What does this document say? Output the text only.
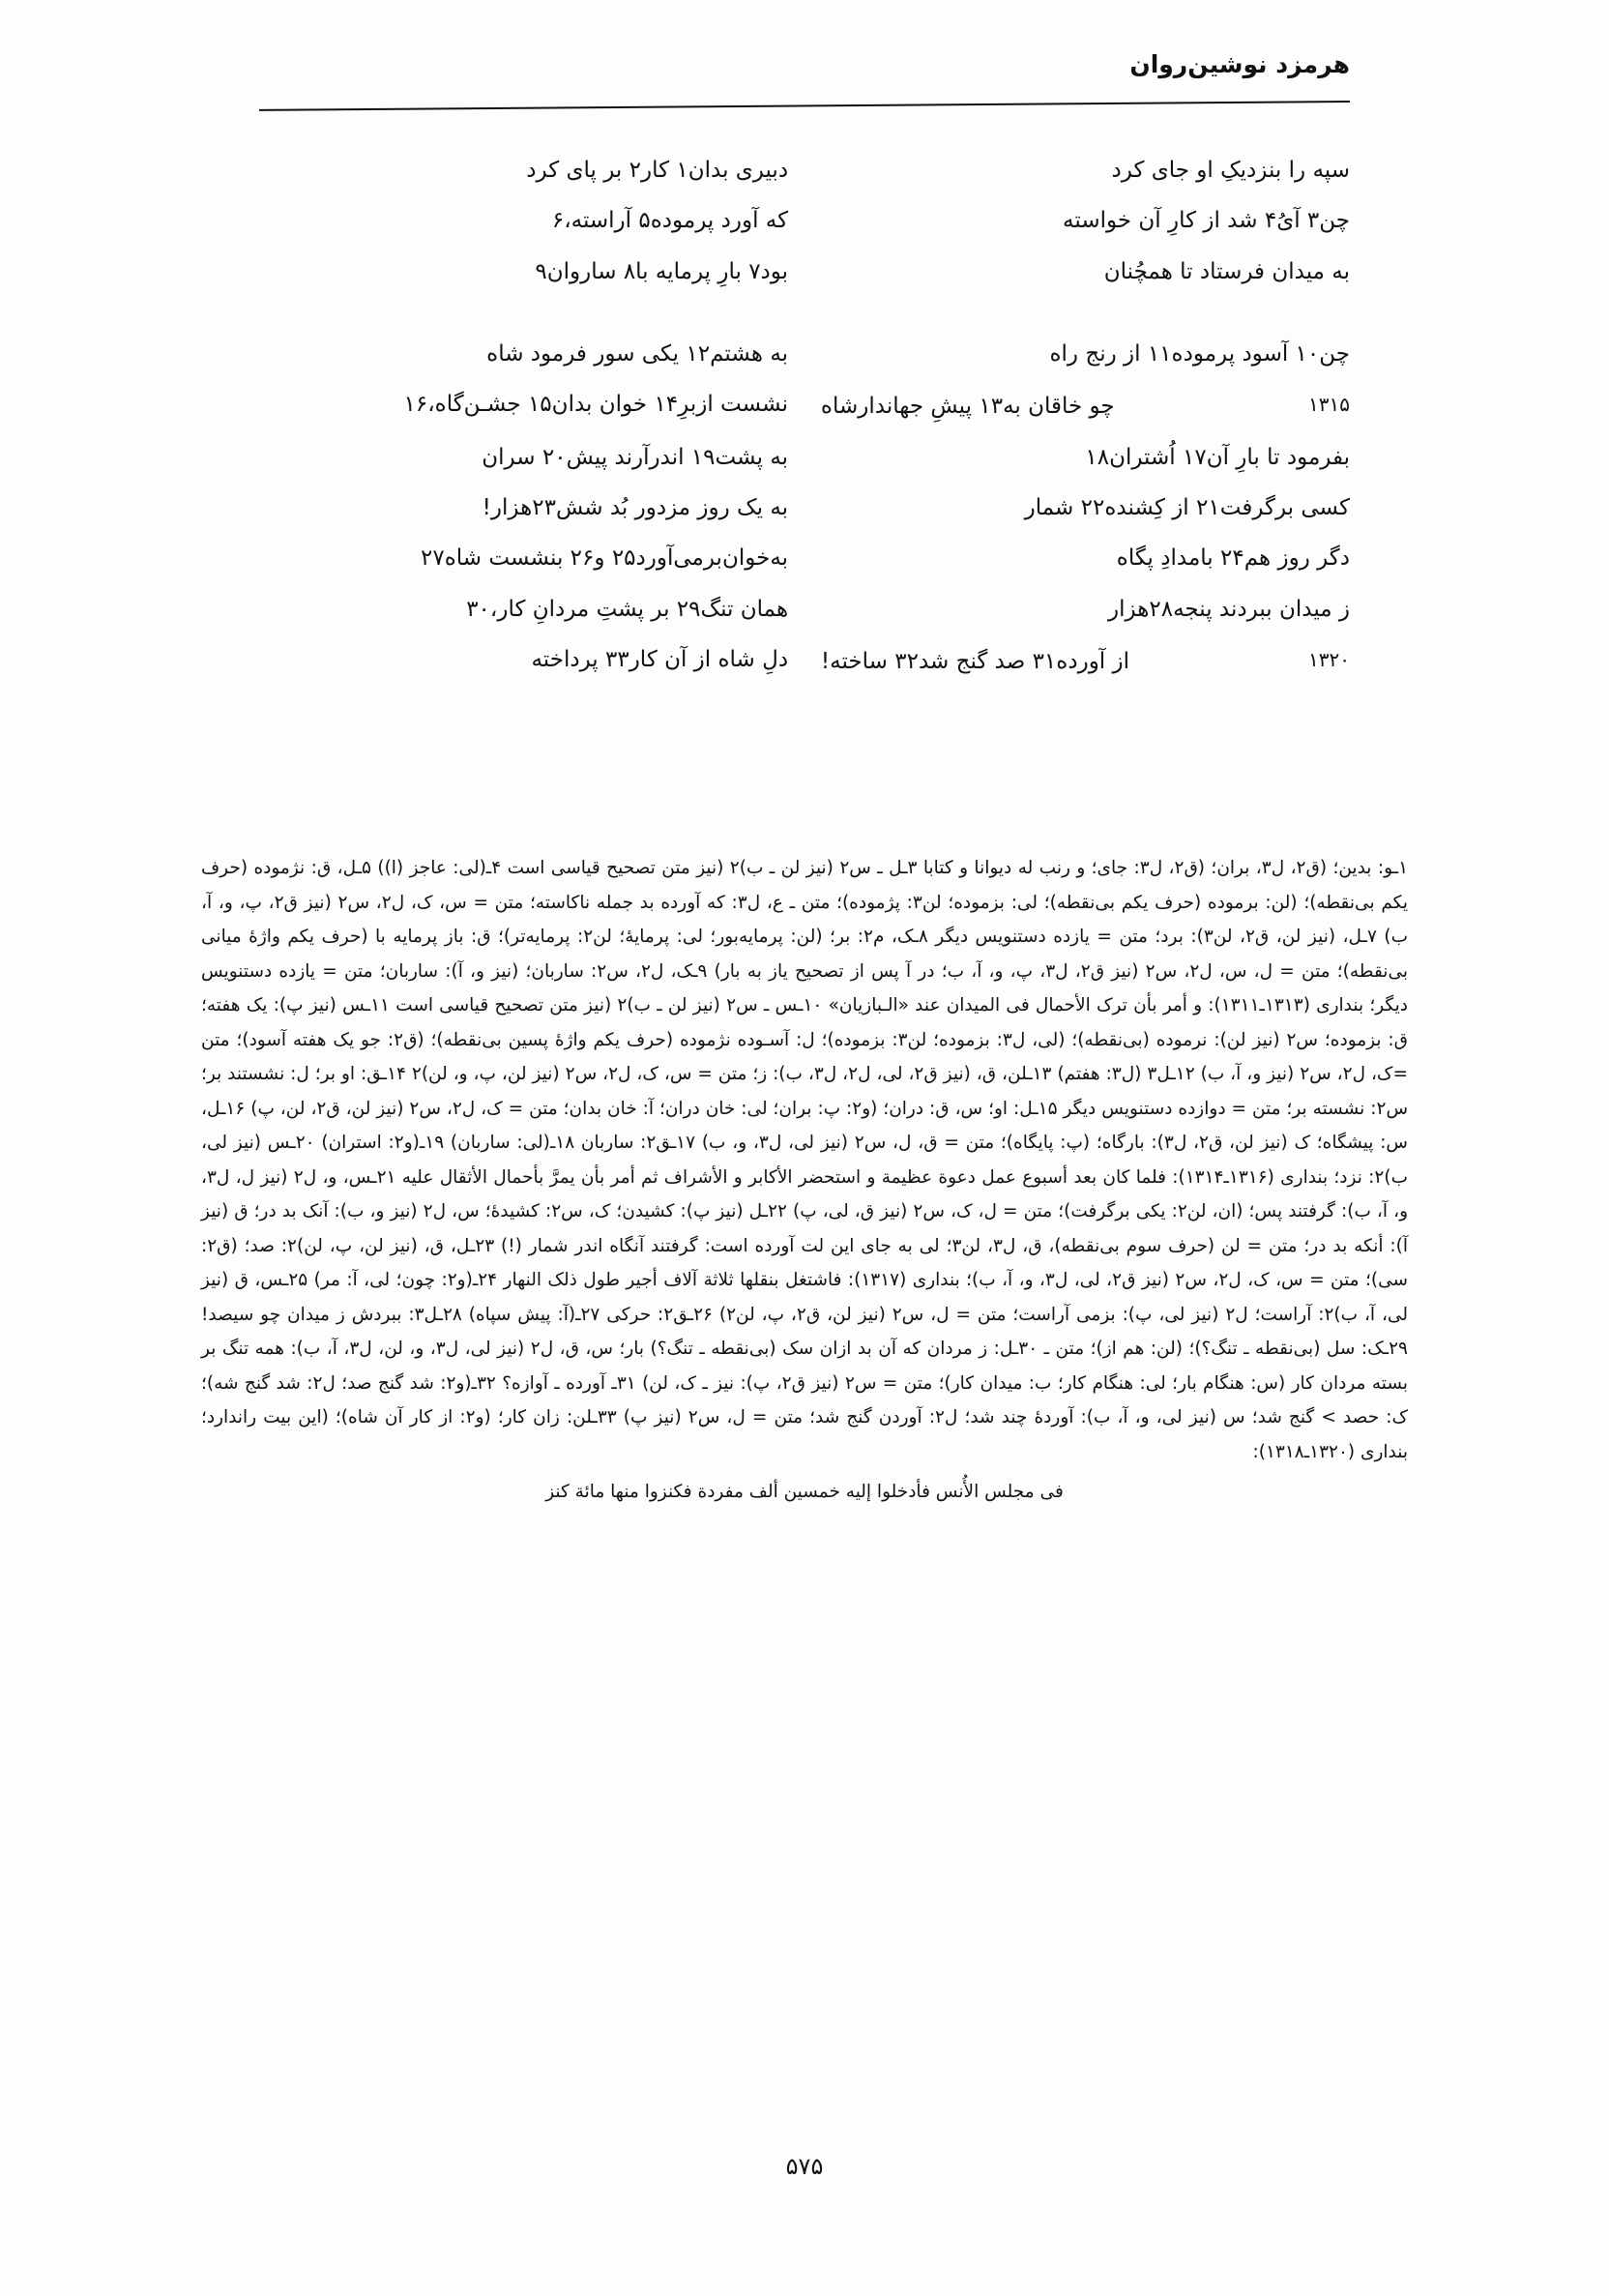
هرمزد نوشین‌روان
سپه را بنزدیکِ او جای کرد
دبیری بدان۱ کار۲ بر پای کرد
چن۳ آیُ۴ شد از کارِ آن خواسته
که آورد پرموده۵ آراسته،۶
به میدان فرستاد تا همچُنان
بود۷ بارِ پرمایه با۸ ساروان۹
چن۱۰ آسود پرموده۱۱ از رنج راه
به هشتم۱۲ یکی سور فرمود شاه
۱۳۱۵
چو خاقان به۱۳ پیشِ جهاندارشاه
نشست ازبرِ۱۴ خوان بدان۱۵ جشـن‌گاه،۱۶
بفرمود تا بارِ آن۱۷ اُشتران۱۸
به پشت۱۹ اندرآرند پیش۲۰ سران
کسی برگرفت۲۱ از کِشنده۲۲ شمار
به یک روز مزدور بُد شش۲۳هزار!
دگر روز هم۲۴ بامدادِ پگاه
به‌خوان‌برمی‌آورد۲۵ و۲۶ بنشست شاه۲۷
ز میدان ببردند پنجه۲۸هزار
همان تنگ۲۹ بر پشتِ مردانِ کار،۳۰
۱۳۲۰
از آورده۳۱ صد گنج شد۳۲ ساخته!
دلِ شاه از آن کار۳۳ پرداخته
۱ـو: بدین؛ (ق۲، ل۳، بران؛ (ق۲، ل۳: جای؛ و رنب له دیوانا و کتابا ۳ـل ـ س۲ (نیز لن ـ ب)۲ (نیز متن تصحیح قیاسی است ۴ـ(لی: عاجز (ا)) ۵ـل، ق: نژموده (حرف یکم بی‌نقطه)؛ (لن: برموده (حرف یکم بی‌نقطه)؛ لی: بزموده؛ لن۳: پژموده)؛ متن ـ ع، ل۳: که آورده بد جمله ناکاسته؛ متن = س، ک، ل۲، س۲ (نیز ق۲، پ، و، آ، ب) ۷ـل، (نیز لن، ق۲، لن۳): برد؛ متن = یازده دستنویس دیگر ۸ـک، م۲: بر؛ (لن: پرمایه‌بور؛ لی: پرمایهٔ؛ لن۲: پرمایه‌تر)؛ ق: باز پرمایه با (حرف یکم واژهٔ میانی بی‌نقطه)؛ متن = ل، س، ل۲، س۲ (نیز ق۲، ل۳، پ، و، آ، ب؛ در آ پس از تصحیح یاز به بار) ۹ـک، ل۲، س۲: ساربان؛ (نیز و، آ): ساربان؛ متن = یازده دستنویس دیگر؛ بنداری (۱۳۱۳ـ۱۳۱۱): و أمر بأن ترک الأحمال فی المیدان عند «الـبازیان» ۱۰ـس ـ س۲ (نیز لن ـ ب)۲ (نیز متن تصحیح قیاسی است ۱۱ـس (نیز پ): یک هفته؛ ق: بزموده؛ س۲ (نیز لن): نرموده (بی‌نقطه)؛ (لی، ل۳: بزموده؛ لن۳: بزموده)؛ ل: آسـوده نژموده (حرف یکم واژهٔ پسین بی‌نقطه)؛ (ق۲: جو یک هفته آسود)؛ متن =ک، ل۲، س۲ (نیز و، آ، ب) ۱۲ـل۳ (ل۳: هفتم) ۱۳ـلن، ق، (نیز ق۲، لی، ل۲، ل۳، ب): ز؛ متن = س، ک، ل۲، س۲ (نیز لن، پ، و، لن)۲ ۱۴ـق: او بر؛ ل: نشستند بر؛ س۲: نشسته بر؛ متن = دوازده دستنویس دیگر ۱۵ـل: او؛ س، ق: دران؛ (و۲: پ: بران؛ لی: خان دران؛ آ: خان بدان؛ متن = ک، ل۲، س۲ (نیز لن، ق۲، لن، پ) ۱۶ـل، س: پیشگاه؛ ک (نیز لن، ق۲، ل۳): بارگاه؛ (پ: پایگاه)؛ متن = ق، ل، س۲ (نیز لی، ل۳، و، ب) ۱۷ـق۲: ساربان ۱۸ـ(لی: ساربان) ۱۹ـ(و۲: استران) ۲۰ـس (نیز لی، ب)۲: نزد؛ بنداری (۱۳۱۶ـ۱۳۱۴): فلما کان بعد أسبوع عمل دعوة عظیمة و استحضر الأکابر و الأشراف ثم أمر بأن یمرَّ بأحمال الأثقال علیه ۲۱ـس، و، ل۲ (نیز ل، ل۳، و، آ، ب): گرفتند پس؛ (ان، لن۲: یکی برگرفت)؛ متن = ل، ک، س۲ (نیز ق، لی، پ) ۲۲ـل (نیز پ): کشیدن؛ ک، س۲: کشیدهٔ؛ س، ل۲ (نیز و، ب): آنک بد در؛ ق (نیز آ): أنکه بد در؛ متن = لن (حرف سوم بی‌نقطه)، ق، ل۳، لن۳؛ لی به جای این لت آورده است: گرفتند آنگاه اندر شمار (!) ۲۳ـل، ق، (نیز لن، پ، لن)۲: صد؛ (ق۲: سی)؛ متن = س، ک، ل۲، س۲ (نیز ق۲، لی، ل۳، و، آ، ب)؛ بنداری (۱۳۱۷): فاشتغل بنقلها ثلاثة آلاف أجیر طول ذلک النهار ۲۴ـ(و۲: چون؛ لی، آ: مر) ۲۵ـس، ق (نیز لی، آ، ب)۲: آراست؛ ل۲ (نیز لی، پ): بزمی آراست؛ متن = ل، س۲ (نیز لن، ق۲، پ، لن۲) ۲۶ـق۲: حرکی ۲۷ـ(آ: پیش سپاه) ۲۸ـل۳: ببردش ز میدان چو سیصد! ۲۹ـک: سل (بی‌نقطه ـ تنگ؟)؛ (لن: هم از)؛ متن ـ ۳۰ـل: ز مردان که آن بد ازان سک (بی‌نقطه ـ تنگ؟) بار؛ س، ق، ل۲ (نیز لی، ل۳، و، لن، ل۳، آ، ب): همه تنگ بر بسته مردان کار (س: هنگام بار؛ لی: هنگام کار؛ ب: میدان کار)؛ متن = س۲ (نیز ق۲، پ): نیز ـ ک، لن) ۳۱ـ آورده ـ آوازه؟ ۳۲ـ(و۲: شد گنج صد؛ ل۲: شد گنج شه)؛ک: حصد > گنج شد؛ س (نیز لی، و، آ، ب): آوردهٔ چند شد؛ ل۲: آوردن گنج شد؛ متن = ل، س۲ (نیز پ) ۳۳ـلن: زان کار؛ (و۲: از کار آن شاه)؛ (این بیت راندارد؛ بنداری (۱۳۲۰ـ۱۳۱۸):
فی مجلس الأُنس فأدخلوا إلیه خمسین ألف مفردة فکنزوا منها مائة کنز
۵۷۵
